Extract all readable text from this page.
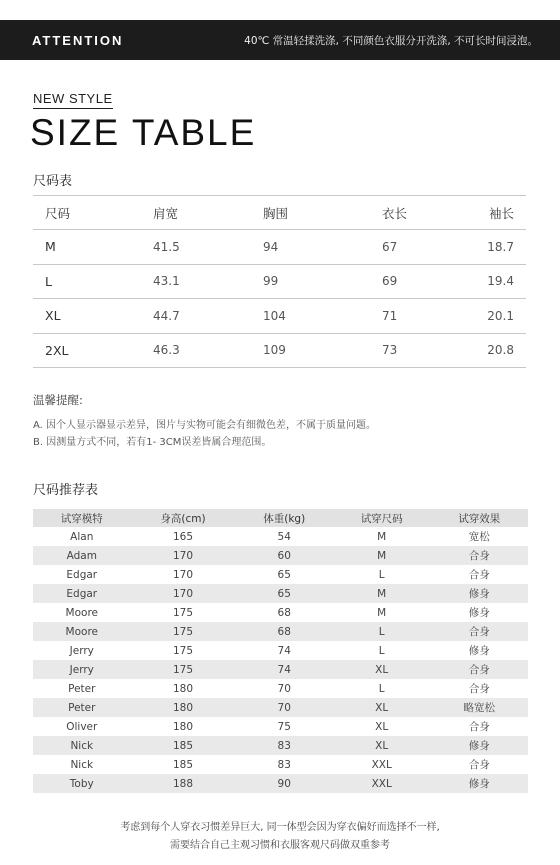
ATTENTION	40℃ 常温轻揉洗涤, 不同颜色衣服分开洗涤, 不可长时间浸泡。
NEW STYLE
SIZE TABLE
尺码表
尺码	肩宽	胸围	衣长	袖长
M	41.5	94	67	18.7
L	43.1	99	69	19.4
XL	44.7	104	71	20.1
2XL	46.3	109	73	20.8
温馨提醒:
A. 因个人显示器显示差异，图片与实物可能会有细微色差，不属于质量问题。
B. 因测量方式不同，若有1- 3CM误差皆属合理范围。
尺码推荐表
试穿模特	身高(cm)	体重(kg)	试穿尺码	试穿效果
Alan	165	54	M	宽松
Adam	170	60	M	合身
Edgar	170	65	L	合身
Edgar	170	65	M	修身
Moore	175	68	M	修身
Moore	175	68	L	合身
Jerry	175	74	L	修身
Jerry	175	74	XL	合身
Peter	180	70	L	合身
Peter	180	70	XL	略宽松
Oliver	180	75	XL	合身
Nick	185	83	XL	修身
Nick	185	83	XXL	合身
Toby	188	90	XXL	修身
考虑到每个人穿衣习惯差异巨大, 同一体型会因为穿衣偏好而选择不一样,
需要结合自己主观习惯和衣服客观尺码做双重参考
